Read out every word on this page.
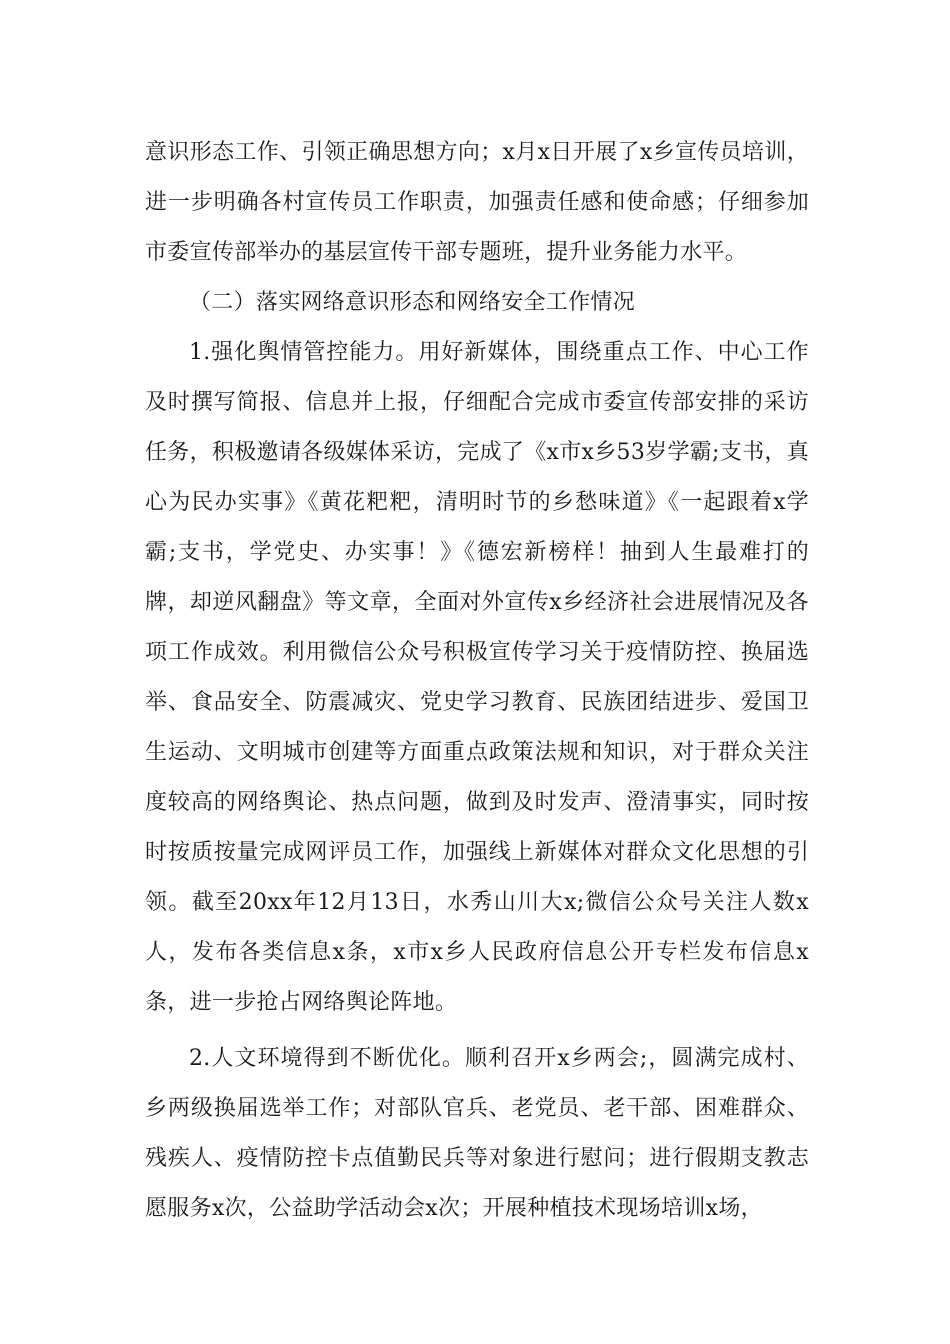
意识形态工作、引领正确思想方向；x月x日开展了x乡宣传员培训，进一步明确各村宣传员工作职责，加强责任感和使命感；仔细参加市委宣传部举办的基层宣传干部专题班，提升业务能力水平。

（二）落实网络意识形态和网络安全工作情况

1.强化舆情管控能力。用好新媒体，围绕重点工作、中心工作及时撰写简报、信息并上报，仔细配合完成市委宣传部安排的采访任务，积极邀请各级媒体采访，完成了《x市x乡53岁学霸;支书，真心为民办实事》《黄花粑粑，清明时节的乡愁味道》《一起跟着x学霸;支书，学党史、办实事！》《德宏新榜样！抽到人生最难打的牌，却逆风翻盘》等文章，全面对外宣传x乡经济社会进展情况及各项工作成效。利用微信公众号积极宣传学习关于疫情防控、换届选举、食品安全、防震减灾、党史学习教育、民族团结进步、爱国卫生运动、文明城市创建等方面重点政策法规和知识，对于群众关注度较高的网络舆论、热点问题，做到及时发声、澄清事实，同时按时按质按量完成网评员工作，加强线上新媒体对群众文化思想的引领。截至20xx年12月13日，水秀山川大x;微信公众号关注人数x人，发布各类信息x条，x市x乡人民政府信息公开专栏发布信息x条，进一步抢占网络舆论阵地。

2.人文环境得到不断优化。顺利召开x乡两会;，圆满完成村、乡两级换届选举工作；对部队官兵、老党员、老干部、困难群众、残疾人、疫情防控卡点值勤民兵等对象进行慰问；进行假期支教志愿服务x次，公益助学活动会x次；开展种植技术现场培训x场，
